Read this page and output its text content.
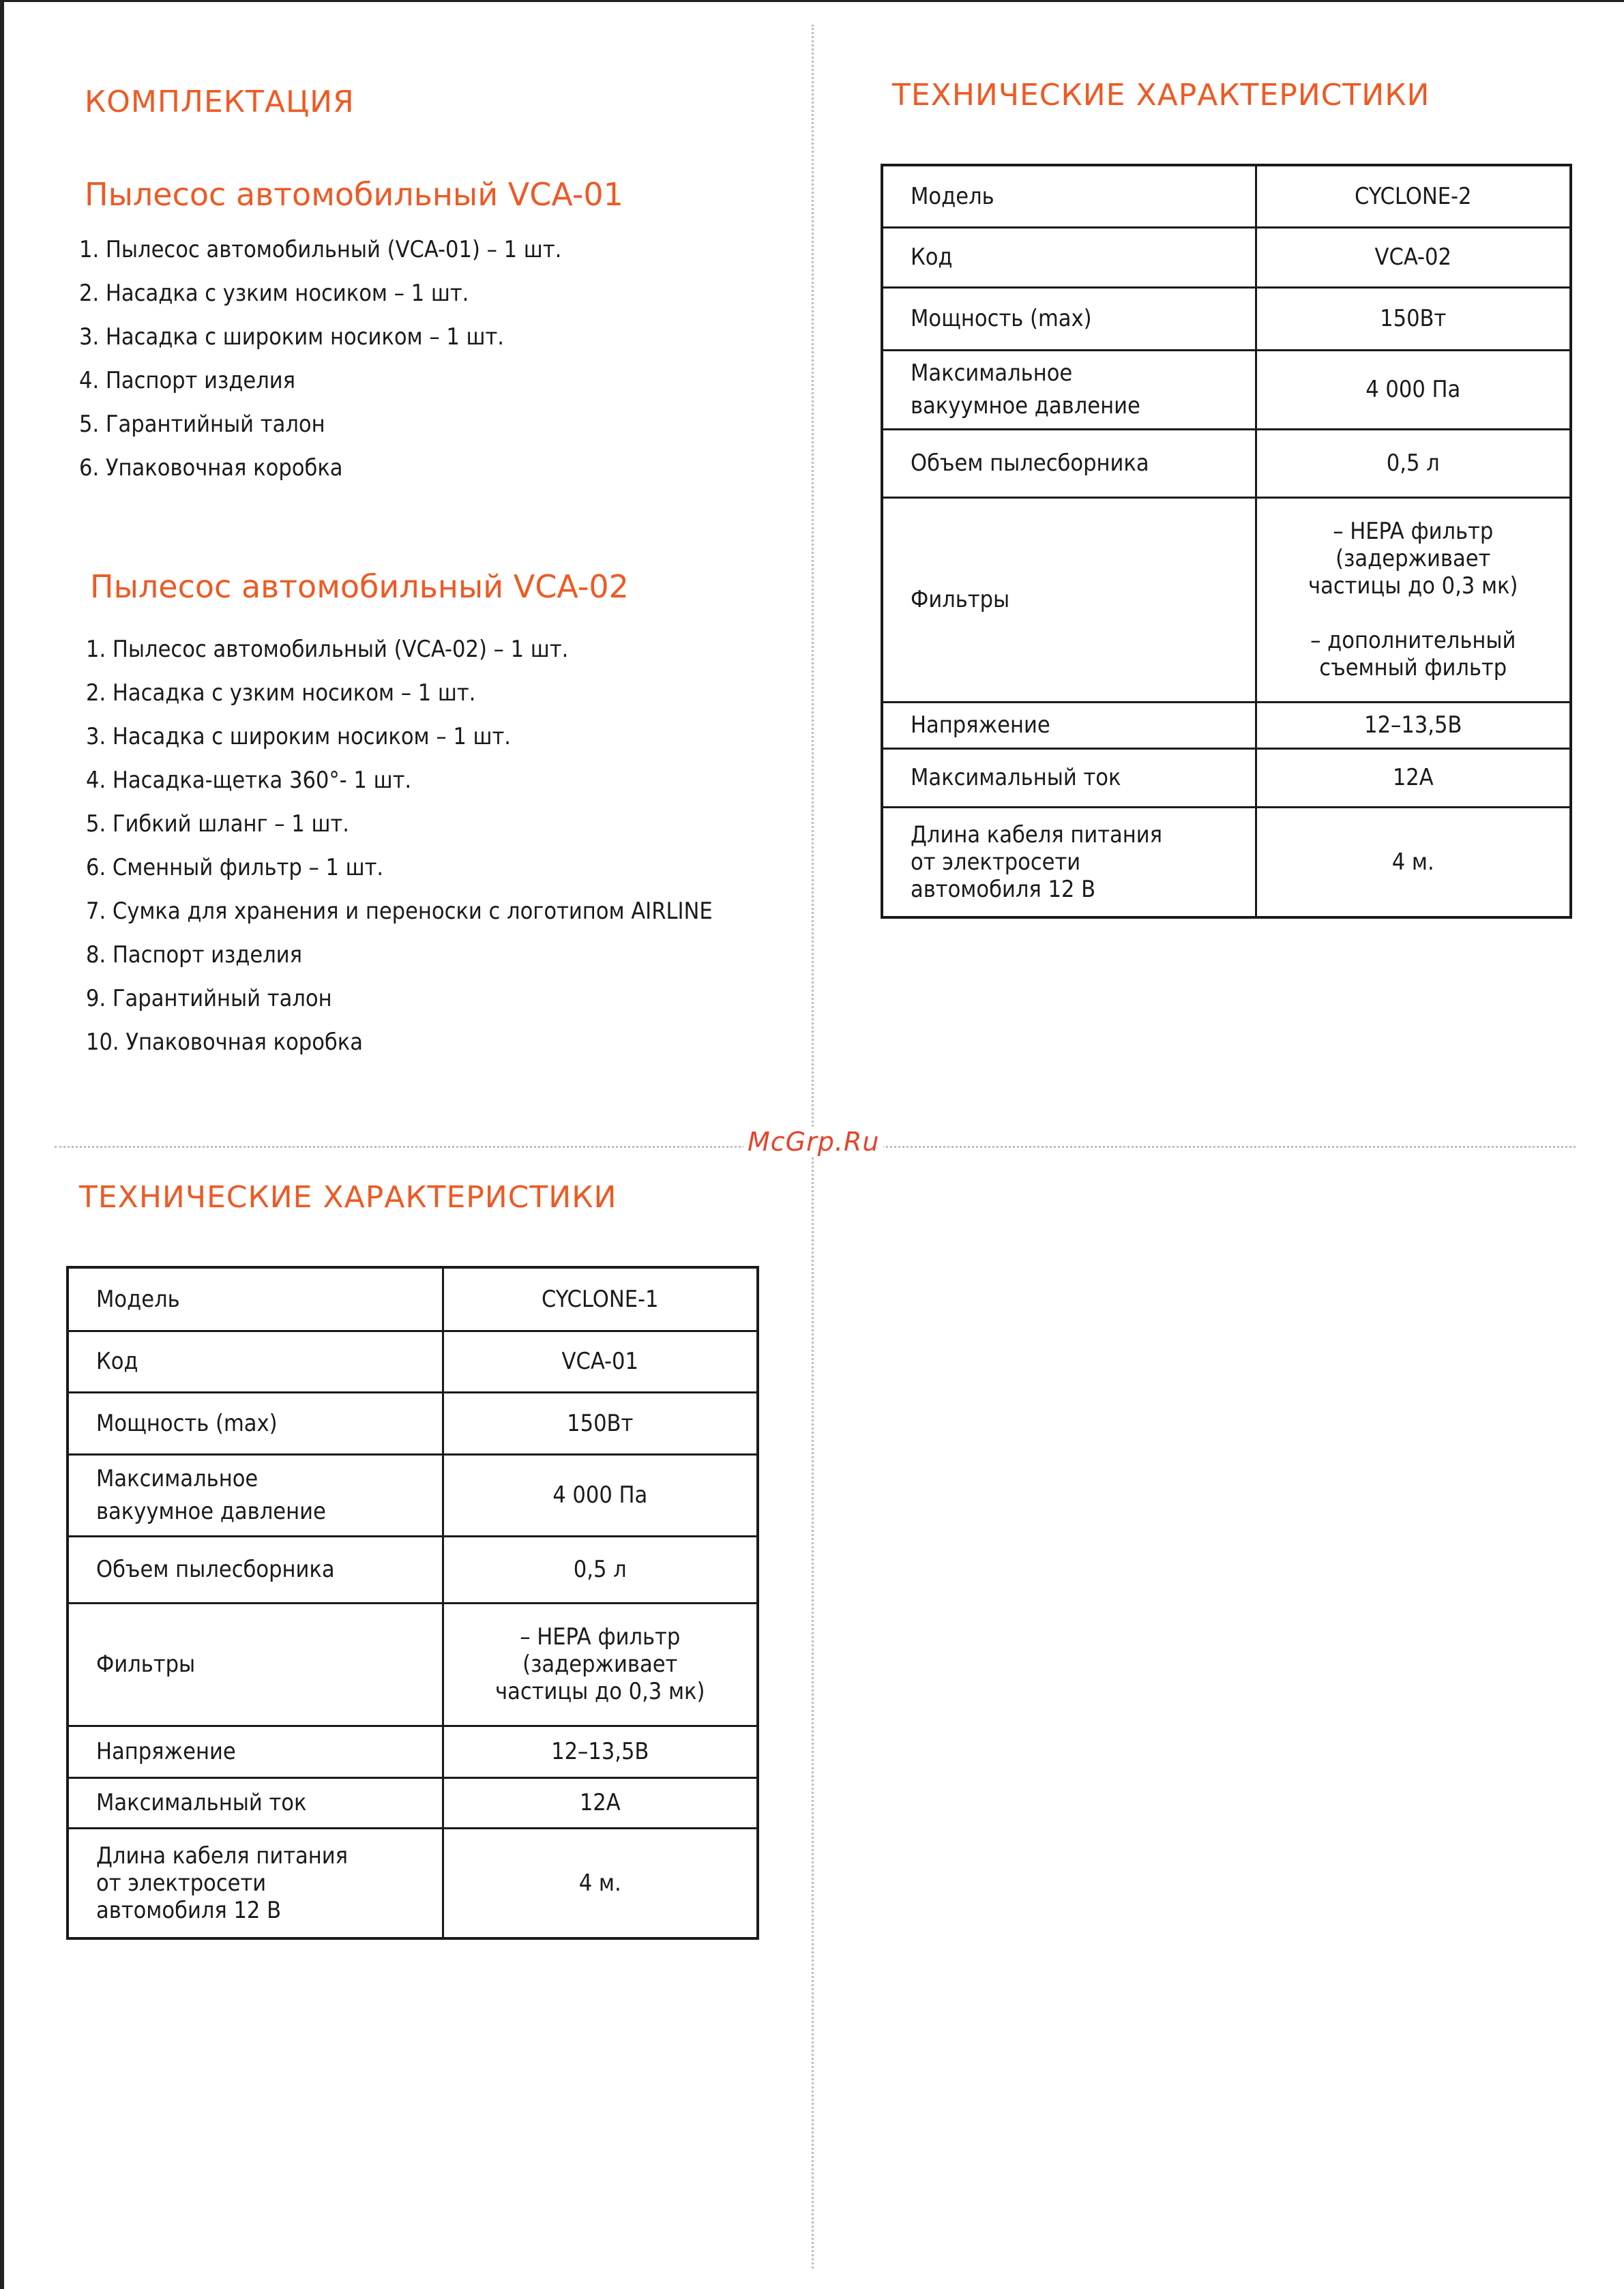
McGrp.Ru
КОМПЛЕКТАЦИЯ
Пылесос автомобильный VCA-01
1. Пылесос автомобильный (VCA-01) – 1 шт.
2. Насадка с узким носиком – 1 шт.
3. Насадка с широким носиком – 1 шт.
4. Паспорт изделия
5. Гарантийный талон
6. Упаковочная коробка
Пылесос автомобильный VCA-02
1. Пылесос автомобильный (VCA-02) – 1 шт.
2. Насадка с узким носиком – 1 шт.
3. Насадка с широким носиком – 1 шт.
4. Насадка-щетка 360°- 1 шт.
5. Гибкий шланг – 1 шт.
6. Сменный фильтр – 1 шт.
7. Сумка для хранения и переноски с логотипом AIRLINE
8. Паспорт изделия
9. Гарантийный талон
10. Упаковочная коробка
ТЕХНИЧЕСКИЕ ХАРАКТЕРИСТИКИ
Модель	CYCLONE-2
Код	VCA-02
Мощность (max)	150Вт
Максимальное
вакуумное давление	4 000 Па
Объем пылесборника	0,5 л
Фильтры	– HEPA фильтр
(задерживает
частицы до 0,3 мк)
– дополнительный
съемный фильтр

Напряжение	12–13,5В
Максимальный ток	12А
Длина кабеля питания
от электросети
автомобиля 12 В	4 м.
ТЕХНИЧЕСКИЕ ХАРАКТЕРИСТИКИ
Модель	CYCLONE-1
Код	VCA-01
Мощность (max)	150Вт
Максимальное
вакуумное давление	4 000 Па
Объем пылесборника	0,5 л
Фильтры	– HEPA фильтр
(задерживает
частицы до 0,3 мк)
Напряжение	12–13,5В
Максимальный ток	12А
Длина кабеля питания
от электросети
автомобиля 12 В	4 м.
